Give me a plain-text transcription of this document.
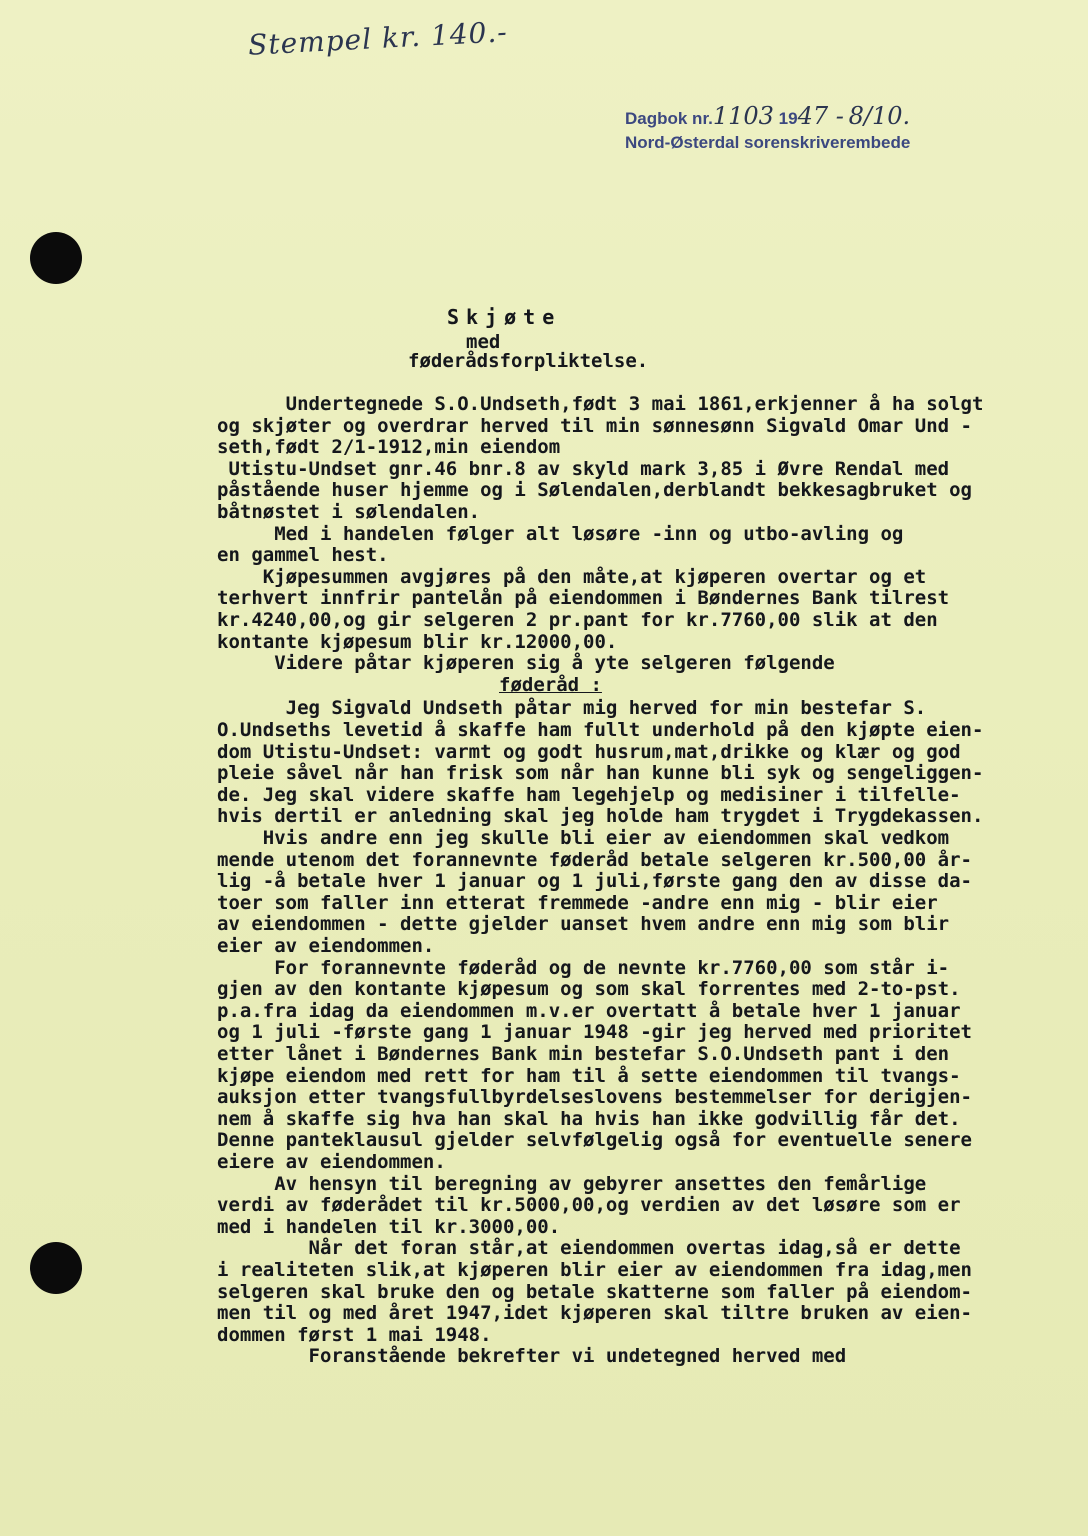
Stempel kr. 140.-
Dagbok nr.1103 1947 - 8/10.
Nord-Østerdal sorenskriverembede
Skjøte
med
føderådsforpliktelse.
Undertegnede S.O.Undseth,født 3 mai 1861,erkjenner å ha solgt
og skjøter og overdrar herved til min sønnesønn Sigvald Omar Und -
seth,født 2/1-1912,min eiendom
Utistu-Undset gnr.46 bnr.8 av skyld mark 3,85 i Øvre Rendal med
påstående huser hjemme og i Sølendalen,derblandt bekkesagbruket og
båtnøstet i sølendalen.
Med i handelen følger alt løsøre -inn og utbo-avling og
en gammel hest.
Kjøpesummen avgjøres på den måte,at kjøperen overtar og et
terhvert innfrir pantelån på eiendommen i Bøndernes Bank tilrest
kr.4240,00,og gir selgeren 2 pr.pant for kr.7760,00 slik at den
kontante kjøpesum blir kr.12000,00.
Videre påtar kjøperen sig å yte selgeren følgende
føderåd :
Jeg Sigvald Undseth påtar mig herved for min bestefar S.
O.Undseths levetid å skaffe ham fullt underhold på den kjøpte eien-
dom Utistu-Undset: varmt og godt husrum,mat,drikke og klær og god
pleie såvel når han frisk som når han kunne bli syk og sengeliggen-
de. Jeg skal videre skaffe ham legehjelp og medisiner i tilfelle-
hvis dertil er anledning skal jeg holde ham trygdet i Trygdekassen.
Hvis andre enn jeg skulle bli eier av eiendommen skal vedkom
mende utenom det forannevnte føderåd betale selgeren kr.500,00 år-
lig -å betale hver 1 januar og 1 juli,første gang den av disse da-
toer som faller inn etterat fremmede -andre enn mig - blir eier
av eiendommen - dette gjelder uanset hvem andre enn mig som blir
eier av eiendommen.
For forannevnte føderåd og de nevnte kr.7760,00 som står i-
gjen av den kontante kjøpesum og som skal forrentes med 2-to-pst.
p.a.fra idag da eiendommen m.v.er overtatt å betale hver 1 januar
og 1 juli -første gang 1 januar 1948 -gir jeg herved med prioritet
etter lånet i Bøndernes Bank min bestefar S.O.Undseth pant i den
kjøpe eiendom med rett for ham til å sette eiendommen til tvangs-
auksjon etter tvangsfullbyrdelseslovens bestemmelser for derigjen-
nem å skaffe sig hva han skal ha hvis han ikke godvillig får det.
Denne panteklausul gjelder selvfølgelig også for eventuelle senere
eiere av eiendommen.
Av hensyn til beregning av gebyrer ansettes den femårlige
verdi av føderådet til kr.5000,00,og verdien av det løsøre som er
med i handelen til kr.3000,00.
Når det foran står,at eiendommen overtas idag,så er dette
i realiteten slik,at kjøperen blir eier av eiendommen fra idag,men
selgeren skal bruke den og betale skatterne som faller på eiendom-
men til og med året 1947,idet kjøperen skal tiltre bruken av eien-
dommen først 1 mai 1948.
Foranstående bekrefter vi undetegned herved med
